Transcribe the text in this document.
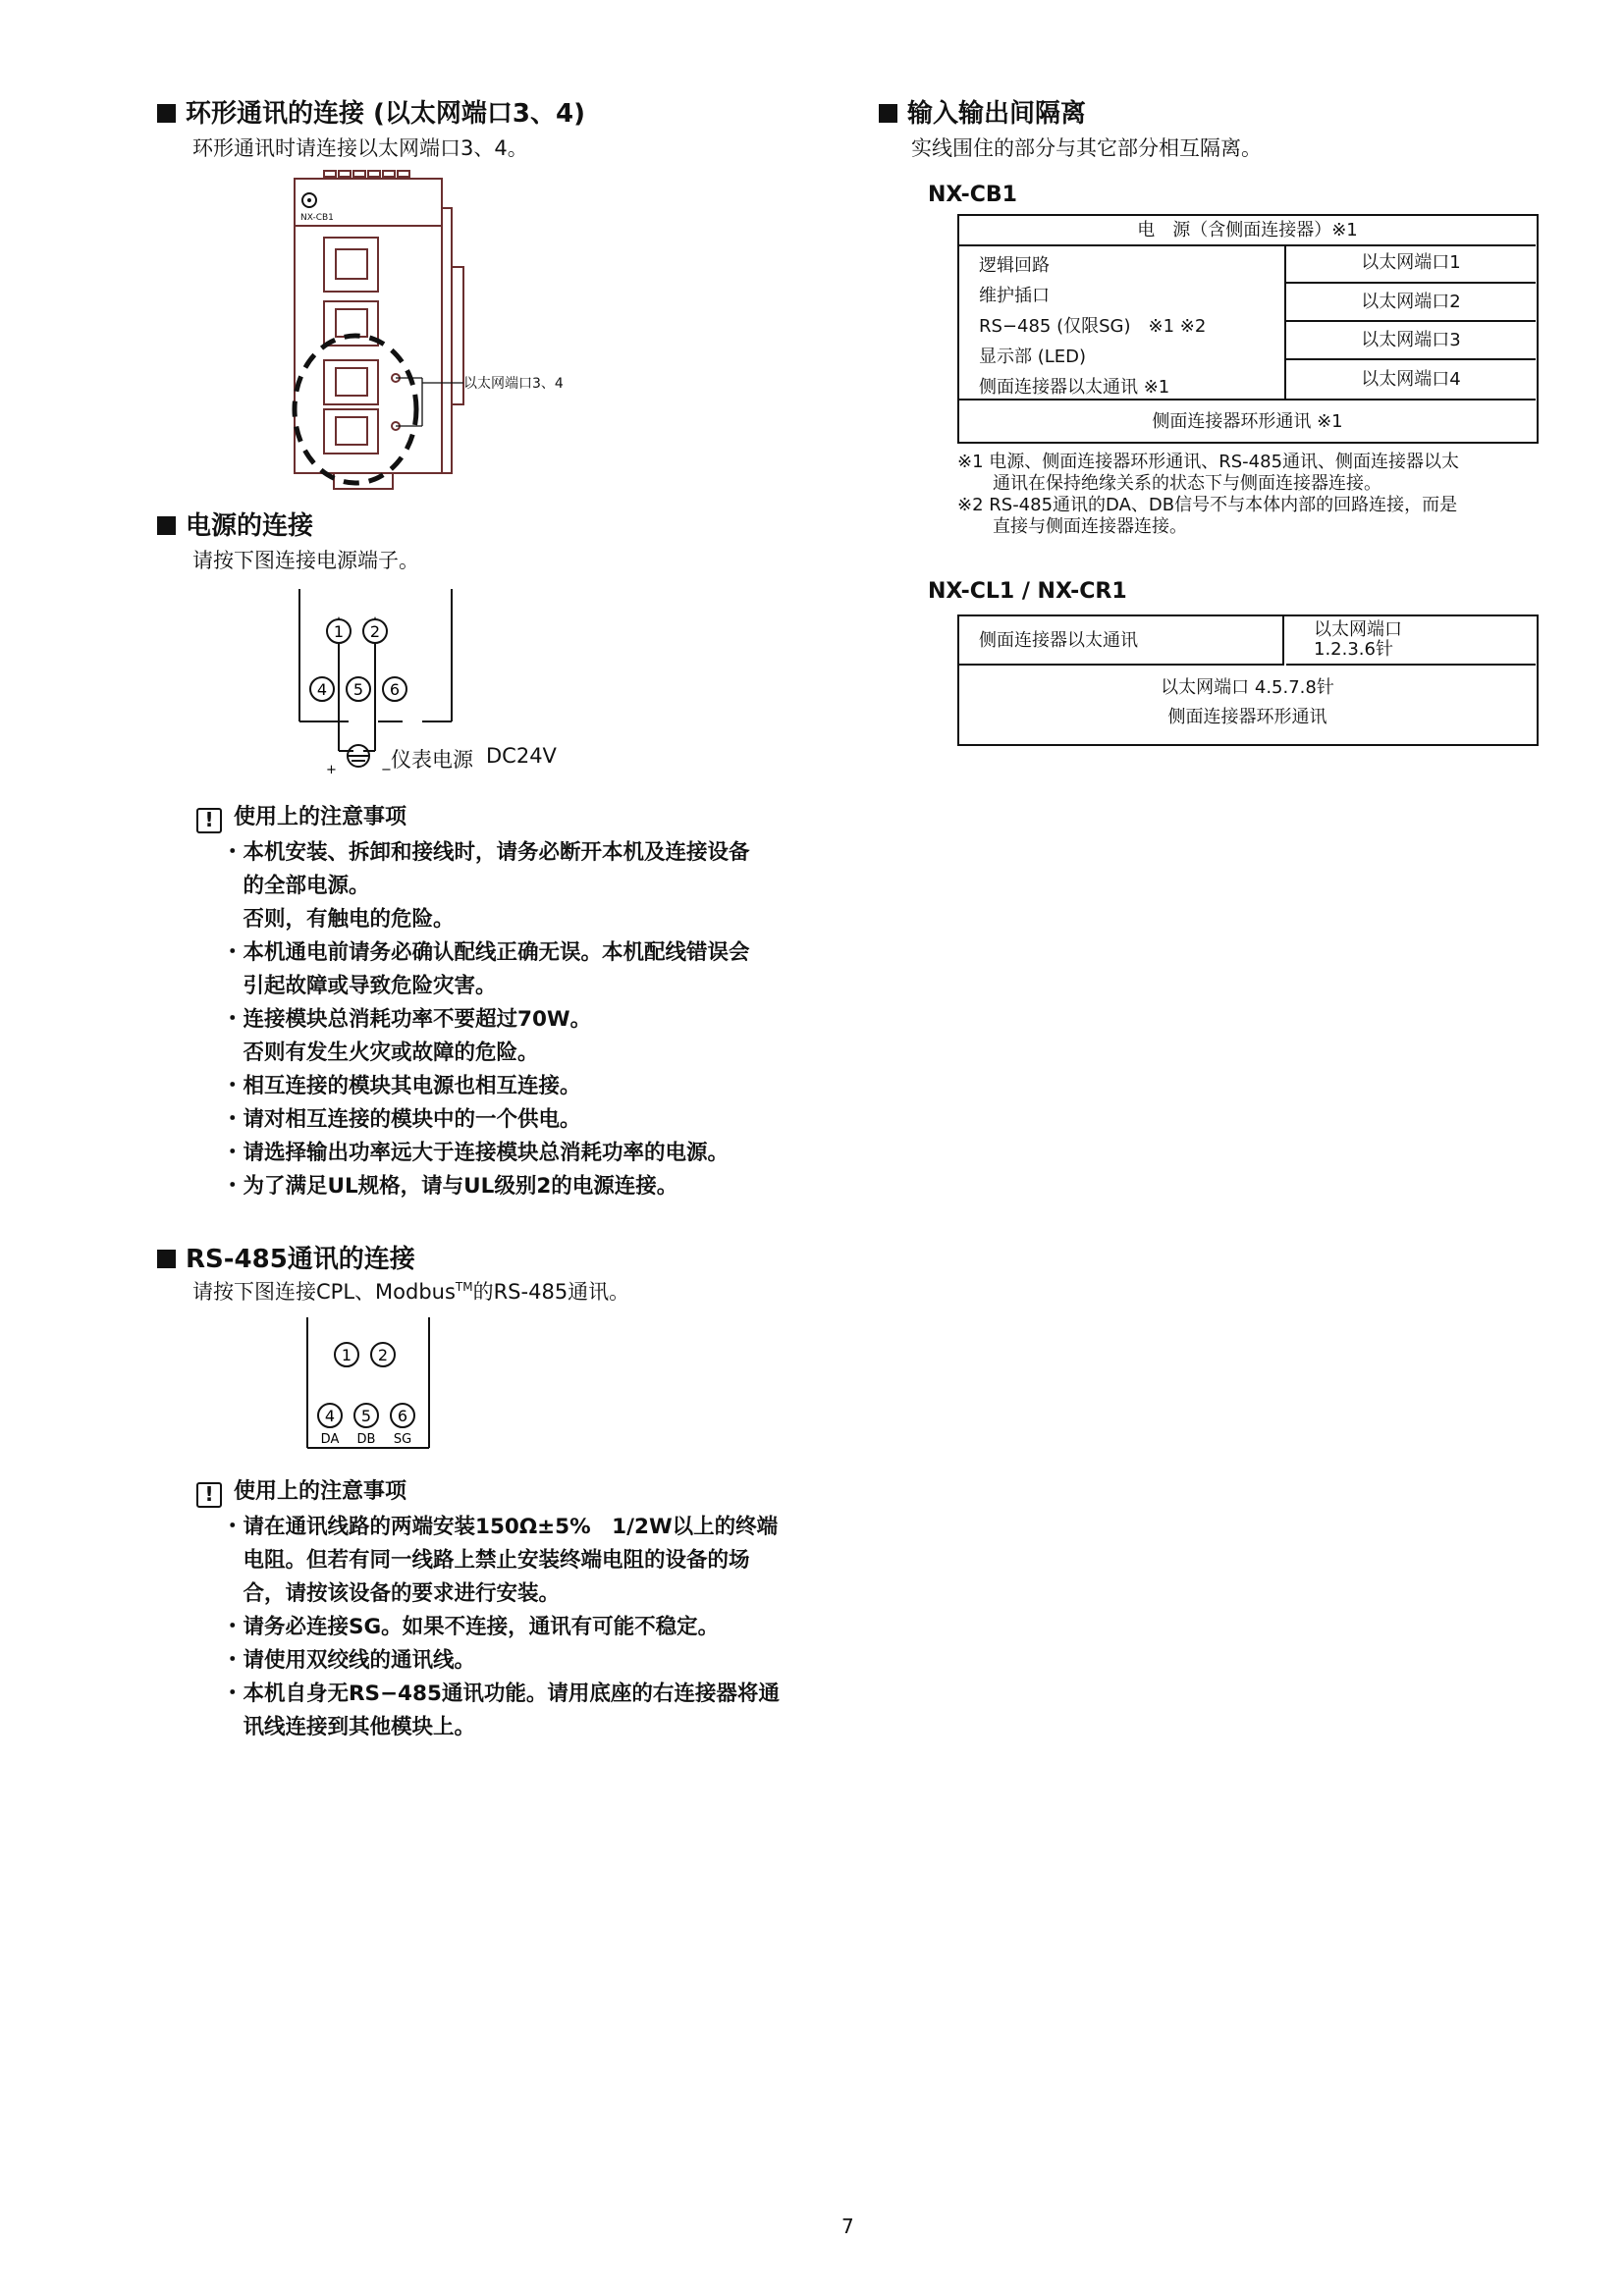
环形通讯的连接 (以太网端口3、4)
环形通讯时请连接以太网端口3、4。
NX-CB1
以太网端口3、4
电源的连接
请按下图连接电源端子。
1 2
4 5 6
+	− 仪表电源 DC24V
! 使用上的注意事项
・本机安装、拆卸和接线时，请务必断开本机及连接设备
　的全部电源。
　否则，有触电的危险。
・本机通电前请务必确认配线正确无误。本机配线错误会
　引起故障或导致危险灾害。
・连接模块总消耗功率不要超过70W。
　否则有发生火灾或故障的危险。
・相互连接的模块其电源也相互连接。
・请对相互连接的模块中的一个供电。
・请选择输出功率远大于连接模块总消耗功率的电源。
・为了满足UL规格，请与UL级别2的电源连接。
RS-485通讯的连接
请按下图连接CPL、Modbus™的RS-485通讯。
1 2
4 5 6
DA DB SG
! 使用上的注意事项
・请在通讯线路的两端安装150Ω±5%　1/2W以上的终端
　电阻。但若有同一线路上禁止安装终端电阻的设备的场
　合，请按该设备的要求进行安装。
・请务必连接SG。如果不连接，通讯有可能不稳定。
・请使用双绞线的通讯线。
・本机自身无RS−485通讯功能。请用底座的右连接器将通
　讯线连接到其他模块上。
输入输出间隔离
实线围住的部分与其它部分相互隔离。
NX-CB1
电　源（含侧面连接器）※1
逻辑回路
维护插口
RS−485 (仅限SG)　※1 ※2
显示部 (LED)
侧面连接器以太通讯 ※1
以太网端口1
以太网端口2
以太网端口3
以太网端口4
侧面连接器环形通讯 ※1
※1 电源、侧面连接器环形通讯、RS-485通讯、侧面连接器以太
　　通讯在保持绝缘关系的状态下与侧面连接器连接。
※2 RS-485通讯的DA、DB信号不与本体内部的回路连接，而是
　　直接与侧面连接器连接。
NX-CL1 / NX-CR1
侧面连接器以太通讯
以太网端口
1.2.3.6针
以太网端口 4.5.7.8针
侧面连接器环形通讯
7
